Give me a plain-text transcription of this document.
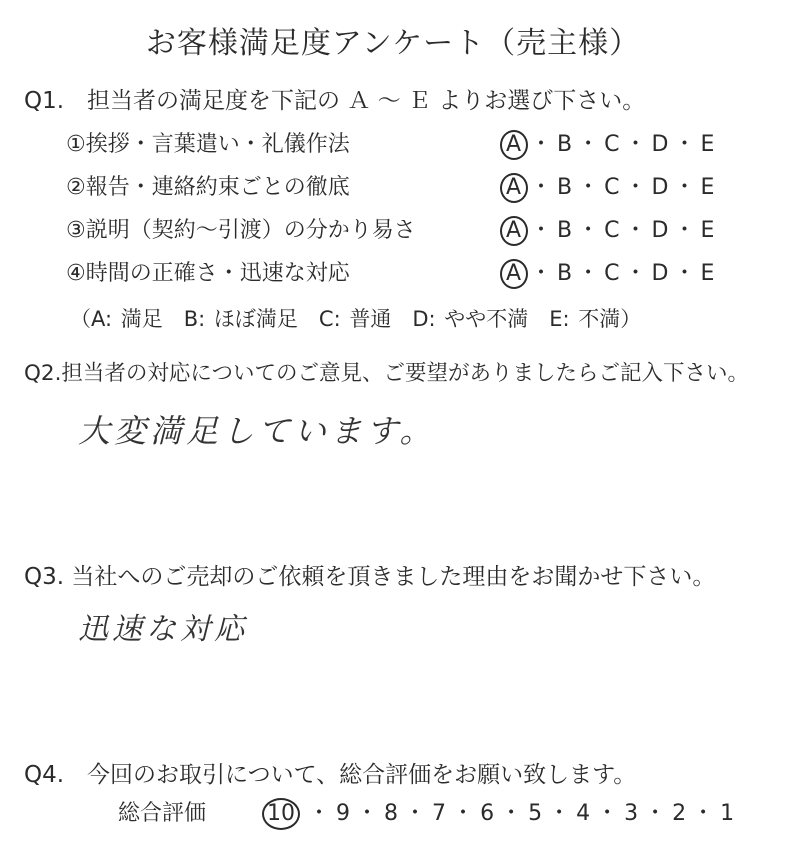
お客様満足度アンケート（売主様）
Q1.　担当者の満足度を下記の Ａ ～ Ｅ よりお選び下さい。
①挨拶・言葉遣い・礼儀作法	A ・ B ・ C ・ D ・ E
②報告・連絡約束ごとの徹底	A ・ B ・ C ・ D ・ E
③説明（契約～引渡）の分かり易さ	A ・ B ・ C ・ D ・ E
④時間の正確さ・迅速な対応	A ・ B ・ C ・ D ・ E
（A: 満足　B: ほぼ満足　C: 普通　D: やや不満　E: 不満）
Q2.担当者の対応についてのご意見、ご要望がありましたらご記入下さい。
大変満足しています。
Q3. 当社へのご売却のご依頼を頂きました理由をお聞かせ下さい。
迅速な対応
Q4.　今回のお取引について、総合評価をお願い致します。
総合評価	10 ・ 9 ・ 8 ・ 7 ・ 6 ・ 5 ・ 4 ・ 3 ・ 2 ・ 1
